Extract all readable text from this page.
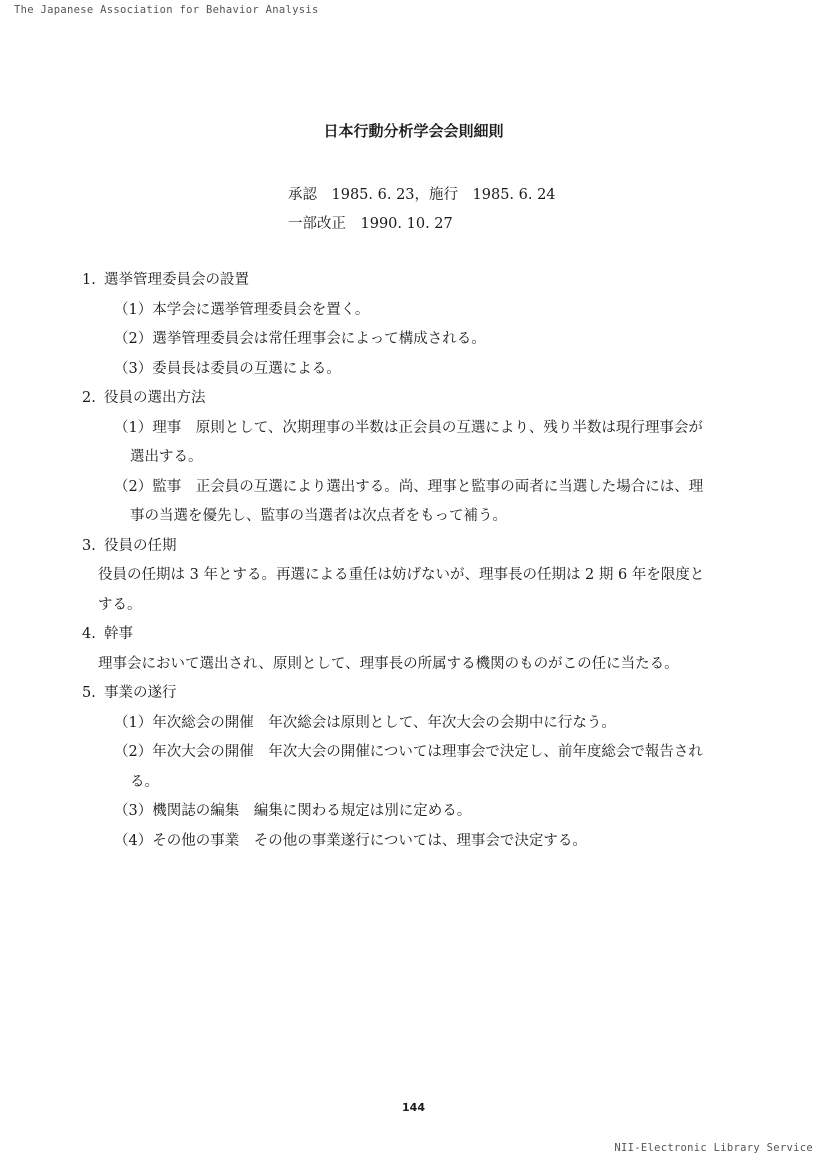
The Japanese Association for Behavior Analysis
日本行動分析学会会則細則
承認　1985. 6. 23，施行　1985. 6. 24
一部改正　1990. 10. 27
1. 選挙管理委員会の設置
（1）本学会に選挙管理委員会を置く。
（2）選挙管理委員会は常任理事会によって構成される。
（3）委員長は委員の互選による。
2. 役員の選出方法
（1）理事　原則として、次期理事の半数は正会員の互選により、残り半数は現行理事会が
選出する。
（2）監事　正会員の互選により選出する。尚、理事と監事の両者に当選した場合には、理
事の当選を優先し、監事の当選者は次点者をもって補う。
3. 役員の任期
役員の任期は 3 年とする。再選による重任は妨げないが、理事長の任期は 2 期 6 年を限度と
する。
4. 幹事
理事会において選出され、原則として、理事長の所属する機関のものがこの任に当たる。
5. 事業の遂行
（1）年次総会の開催　年次総会は原則として、年次大会の会期中に行なう。
（2）年次大会の開催　年次大会の開催については理事会で決定し、前年度総会で報告され
る。
（3）機関誌の編集　編集に関わる規定は別に定める。
（4）その他の事業　その他の事業遂行については、理事会で決定する。
144
NII-Electronic Library Service
